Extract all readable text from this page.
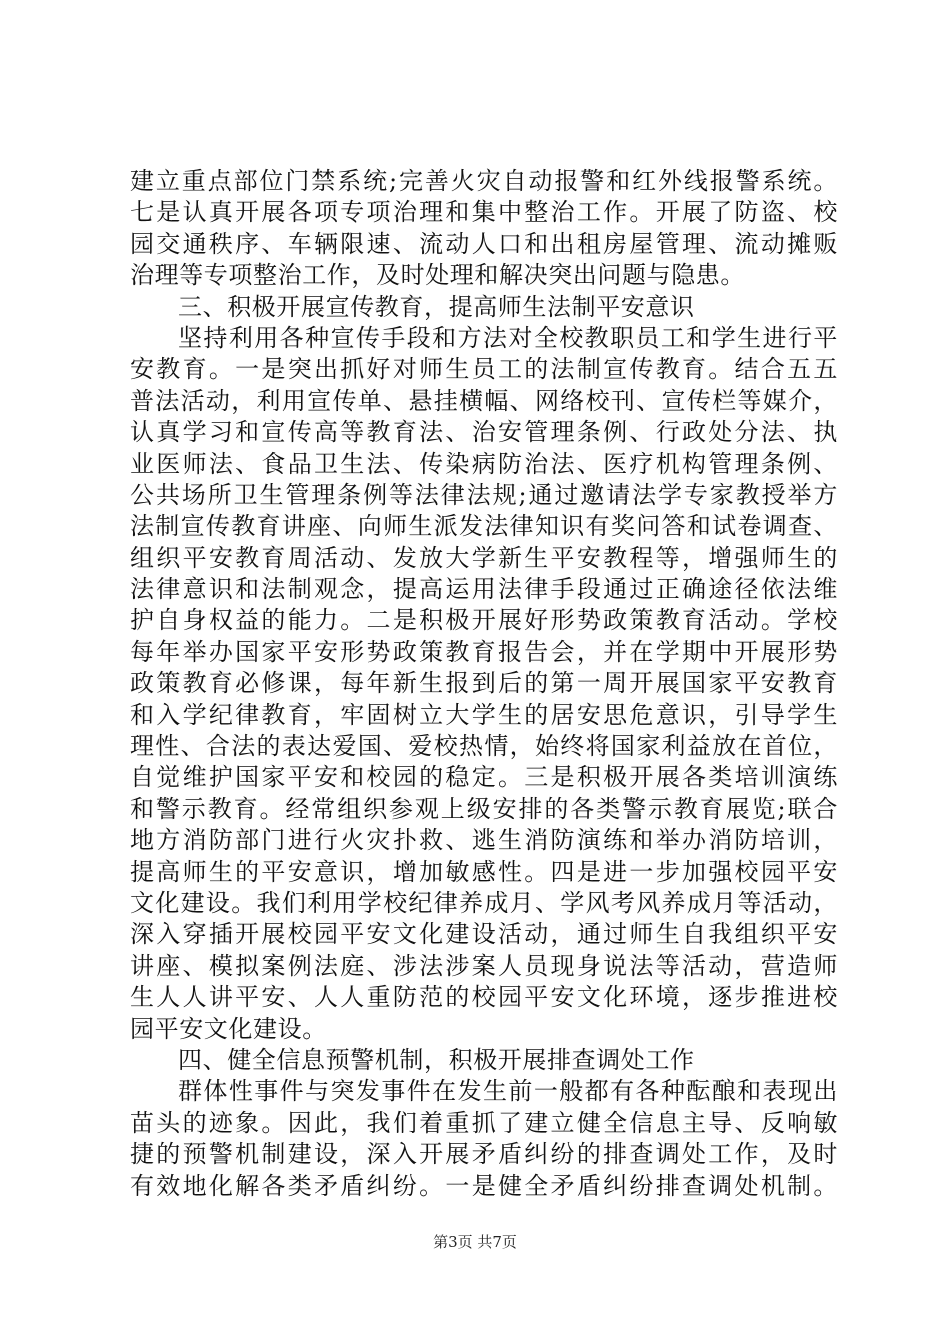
建立重点部位门禁系统;完善火灾自动报警和红外线报警系统。
七是认真开展各项专项治理和集中整治工作。开展了防盗、校
园交通秩序、车辆限速、流动人口和出租房屋管理、流动摊贩
治理等专项整治工作，及时处理和解决突出问题与隐患。
三、积极开展宣传教育，提高师生法制平安意识
坚持利用各种宣传手段和方法对全校教职员工和学生进行平
安教育。一是突出抓好对师生员工的法制宣传教育。结合五五
普法活动，利用宣传单、悬挂横幅、网络校刊、宣传栏等媒介，
认真学习和宣传高等教育法、治安管理条例、行政处分法、执
业医师法、食品卫生法、传染病防治法、医疗机构管理条例、
公共场所卫生管理条例等法律法规;通过邀请法学专家教授举方
法制宣传教育讲座、向师生派发法律知识有奖问答和试卷调查、
组织平安教育周活动、发放大学新生平安教程等，增强师生的
法律意识和法制观念，提高运用法律手段通过正确途径依法维
护自身权益的能力。二是积极开展好形势政策教育活动。学校
每年举办国家平安形势政策教育报告会，并在学期中开展形势
政策教育必修课，每年新生报到后的第一周开展国家平安教育
和入学纪律教育，牢固树立大学生的居安思危意识，引导学生
理性、合法的表达爱国、爱校热情，始终将国家利益放在首位，
自觉维护国家平安和校园的稳定。三是积极开展各类培训演练
和警示教育。经常组织参观上级安排的各类警示教育展览;联合
地方消防部门进行火灾扑救、逃生消防演练和举办消防培训，
提高师生的平安意识，增加敏感性。四是进一步加强校园平安
文化建设。我们利用学校纪律养成月、学风考风养成月等活动，
深入穿插开展校园平安文化建设活动，通过师生自我组织平安
讲座、模拟案例法庭、涉法涉案人员现身说法等活动，营造师
生人人讲平安、人人重防范的校园平安文化环境，逐步推进校
园平安文化建设。
四、健全信息预警机制，积极开展排查调处工作
群体性事件与突发事件在发生前一般都有各种酝酿和表现出
苗头的迹象。因此，我们着重抓了建立健全信息主导、反响敏
捷的预警机制建设，深入开展矛盾纠纷的排查调处工作，及时
有效地化解各类矛盾纠纷。一是健全矛盾纠纷排查调处机制。
第3页 共7页
